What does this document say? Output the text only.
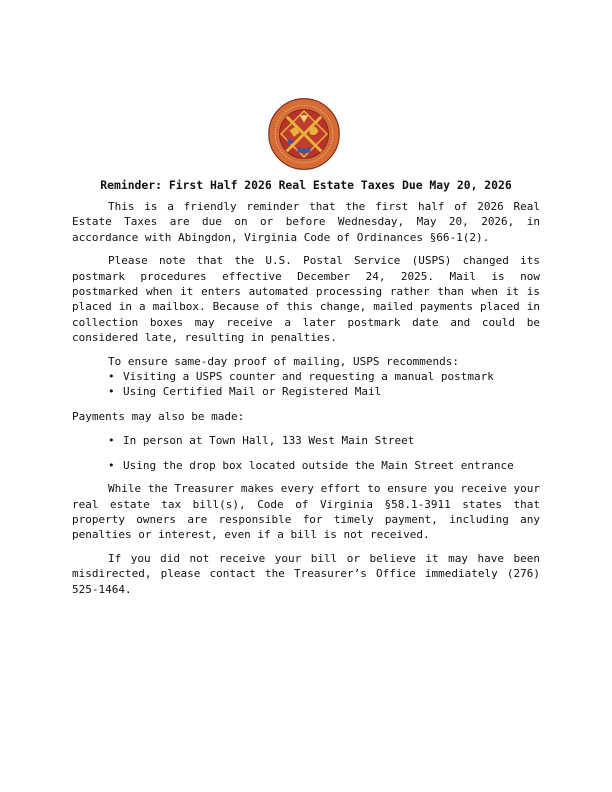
Reminder: First Half 2026 Real Estate Taxes Due May 20, 2026

This is a friendly reminder that the first half of 2026 Real Estate Taxes are due on or before Wednesday, May 20, 2026, in accordance with Abingdon, Virginia Code of Ordinances §66-1(2).

Please note that the U.S. Postal Service (USPS) changed its postmark procedures effective December 24, 2025. Mail is now postmarked when it enters automated processing rather than when it is placed in a mailbox. Because of this change, mailed payments placed in collection boxes may receive a later postmark date and could be considered late, resulting in penalties.

To ensure same-day proof of mailing, USPS recommends:

• Visiting a USPS counter and requesting a manual postmark
• Using Certified Mail or Registered Mail

Payments may also be made:

• In person at Town Hall, 133 West Main Street
• Using the drop box located outside the Main Street entrance

While the Treasurer makes every effort to ensure you receive your real estate tax bill(s), Code of Virginia §58.1-3911 states that property owners are responsible for timely payment, including any penalties or interest, even if a bill is not received.

If you did not receive your bill or believe it may have been misdirected, please contact the Treasurer’s Office immediately (276) 525-1464.
